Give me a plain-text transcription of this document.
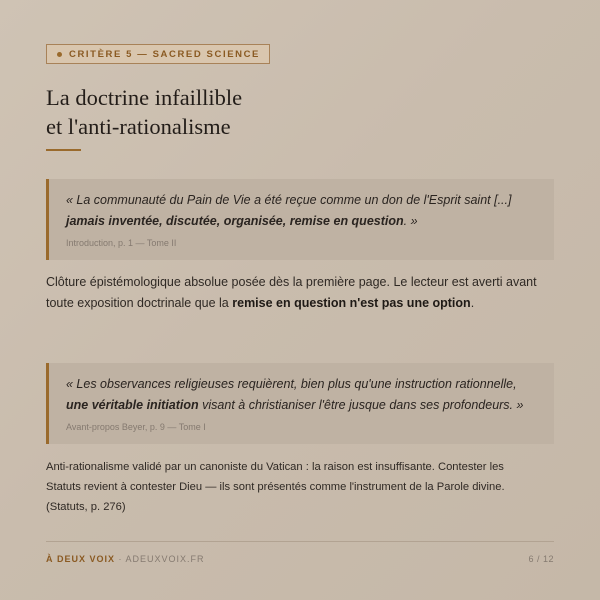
CRITÈRE 5 — SACRED SCIENCE
La doctrine infaillible
et l'anti-rationalisme
« La communauté du Pain de Vie a été reçue comme un don de l'Esprit saint [...]
jamais inventée, discutée, organisée, remise en question. »
Introduction, p. 1 — Tome II
Clôture épistémologique absolue posée dès la première page. Le lecteur est averti avant
toute exposition doctrinale que la remise en question n'est pas une option.
« Les observances religieuses requièrent, bien plus qu'une instruction rationnelle,
une véritable initiation visant à christianiser l'être jusque dans ses profondeurs. »
Avant-propos Beyer, p. 9 — Tome I
Anti-rationalisme validé par un canoniste du Vatican : la raison est insuffisante. Contester les
Statuts revient à contester Dieu — ils sont présentés comme l'instrument de la Parole divine.
(Statuts, p. 276)
À DEUX VOIX · ADEUXVOIX.FR	6 / 12
